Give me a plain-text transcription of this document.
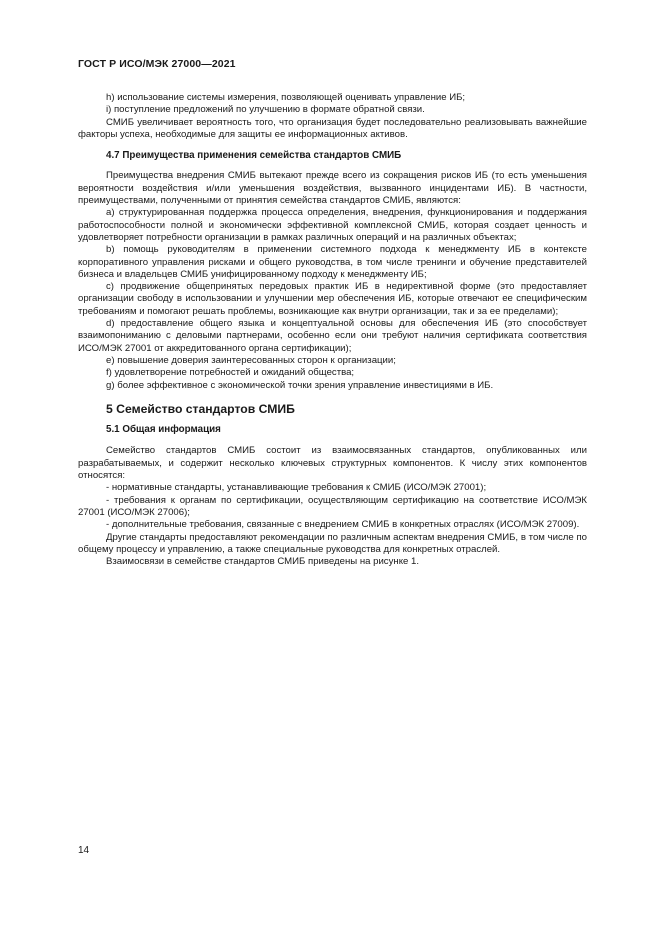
ГОСТ Р ИСО/МЭК 27000—2021

h) использование системы измерения, позволяющей оценивать управление ИБ;

i) поступление предложений по улучшению в формате обратной связи.

СМИБ увеличивает вероятность того, что организация будет последовательно реализовывать важнейшие факторы успеха, необходимые для защиты ее информационных активов.

4.7 Преимущества применения семейства стандартов СМИБ

Преимущества внедрения СМИБ вытекают прежде всего из сокращения рисков ИБ (то есть уменьшения вероятности воздействия и/или уменьшения воздействия, вызванного инцидентами ИБ). В частности, преимуществами, полученными от принятия семейства стандартов СМИБ, являются:

a) структурированная поддержка процесса определения, внедрения, функционирования и поддержания работоспособности полной и экономически эффективной комплексной СМИБ, которая создает ценность и удовлетворяет потребности организации в рамках различных операций и на различных объектах;

b) помощь руководителям в применении системного подхода к менеджменту ИБ в контексте корпоративного управления рисками и общего руководства, в том числе тренинги и обучение представителей бизнеса и владельцев СМИБ унифицированному подходу к менеджменту ИБ;

c) продвижение общепринятых передовых практик ИБ в недирективной форме (это предоставляет организации свободу в использовании и улучшении мер обеспечения ИБ, которые отвечают ее специфическим требованиям и помогают решать проблемы, возникающие как внутри организации, так и за ее пределами);

d) предоставление общего языка и концептуальной основы для обеспечения ИБ (это способствует взаимопониманию с деловыми партнерами, особенно если они требуют наличия сертификата соответствия ИСО/МЭК 27001 от аккредитованного органа сертификации);

e) повышение доверия заинтересованных сторон к организации;

f) удовлетворение потребностей и ожиданий общества;

g) более эффективное с экономической точки зрения управление инвестициями в ИБ.

5 Семейство стандартов СМИБ
5.1 Общая информация

Семейство стандартов СМИБ состоит из взаимосвязанных стандартов, опубликованных или разрабатываемых, и содержит несколько ключевых структурных компонентов. К числу этих компонентов относятся:

- нормативные стандарты, устанавливающие требования к СМИБ (ИСО/МЭК 27001);

- требования к органам по сертификации, осуществляющим сертификацию на соответствие ИСО/МЭК 27001 (ИСО/МЭК 27006);

- дополнительные требования, связанные с внедрением СМИБ в конкретных отраслях (ИСО/МЭК 27009).

Другие стандарты предоставляют рекомендации по различным аспектам внедрения СМИБ, в том числе по общему процессу и управлению, а также специальные руководства для конкретных отраслей.

Взаимосвязи в семействе стандартов СМИБ приведены на рисунке 1.

14
